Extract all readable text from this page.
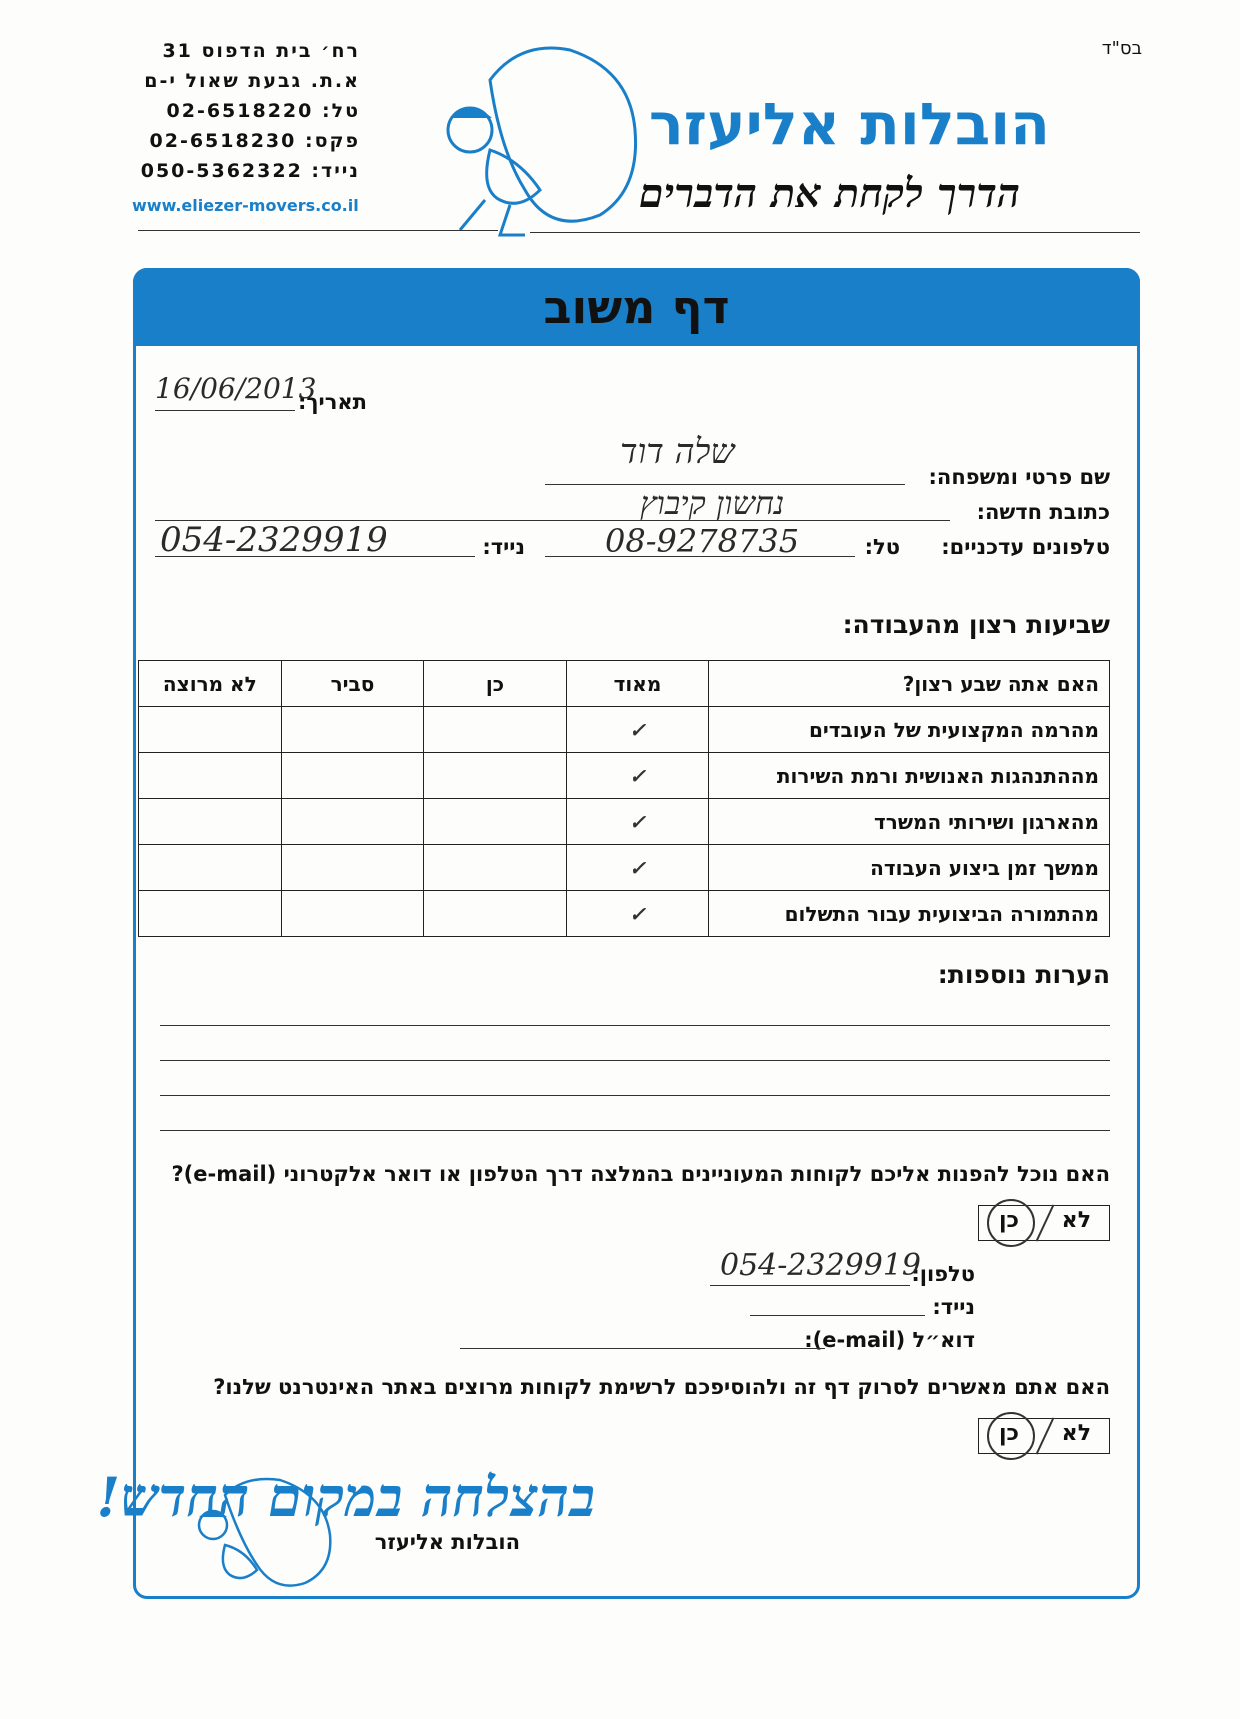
בס"ד
הובלות אליעזר
הדרך לקחת את הדברים
רח׳ בית הדפוס 31
א.ת. גבעת שאול י-ם
טל: 02-6518220
פקס: 02-6518230
נייד: 050-5362322
www.eliezer-movers.co.il
דף משוב
תאריך:
16/06/2013
שם פרטי ומשפחה:
שלה דוד
כתובת חדשה:
נחשון קיבוץ
טלפונים עדכניים:
טל:
08-9278735
נייד:
054-2329919
שביעות רצון מהעבודה:
האם אתה שבע רצון?	מאוד	כן	סביר	לא מרוצה
מהרמה המקצועית של העובדים	✓			
מההתנהגות האנושית ורמת השירות	✓			
מהארגון ושירותי המשרד	✓			
ממשך זמן ביצוע העבודה	✓			
מהתמורה הביצועית עבור התשלום	✓			
הערות נוספות:
האם נוכל להפנות אליכם לקוחות המעוניינים בהמלצה דרך הטלפון או דואר אלקטרוני (e-mail)?
לא
כן
טלפון:
054-2329919
נייד:
דוא״ל (e-mail):
האם אתם מאשרים לסרוק דף זה ולהוסיפכם לרשימת לקוחות מרוצים באתר האינטרנט שלנו?
לא
כן
בהצלחה במקום החדש!
הובלות אליעזר
